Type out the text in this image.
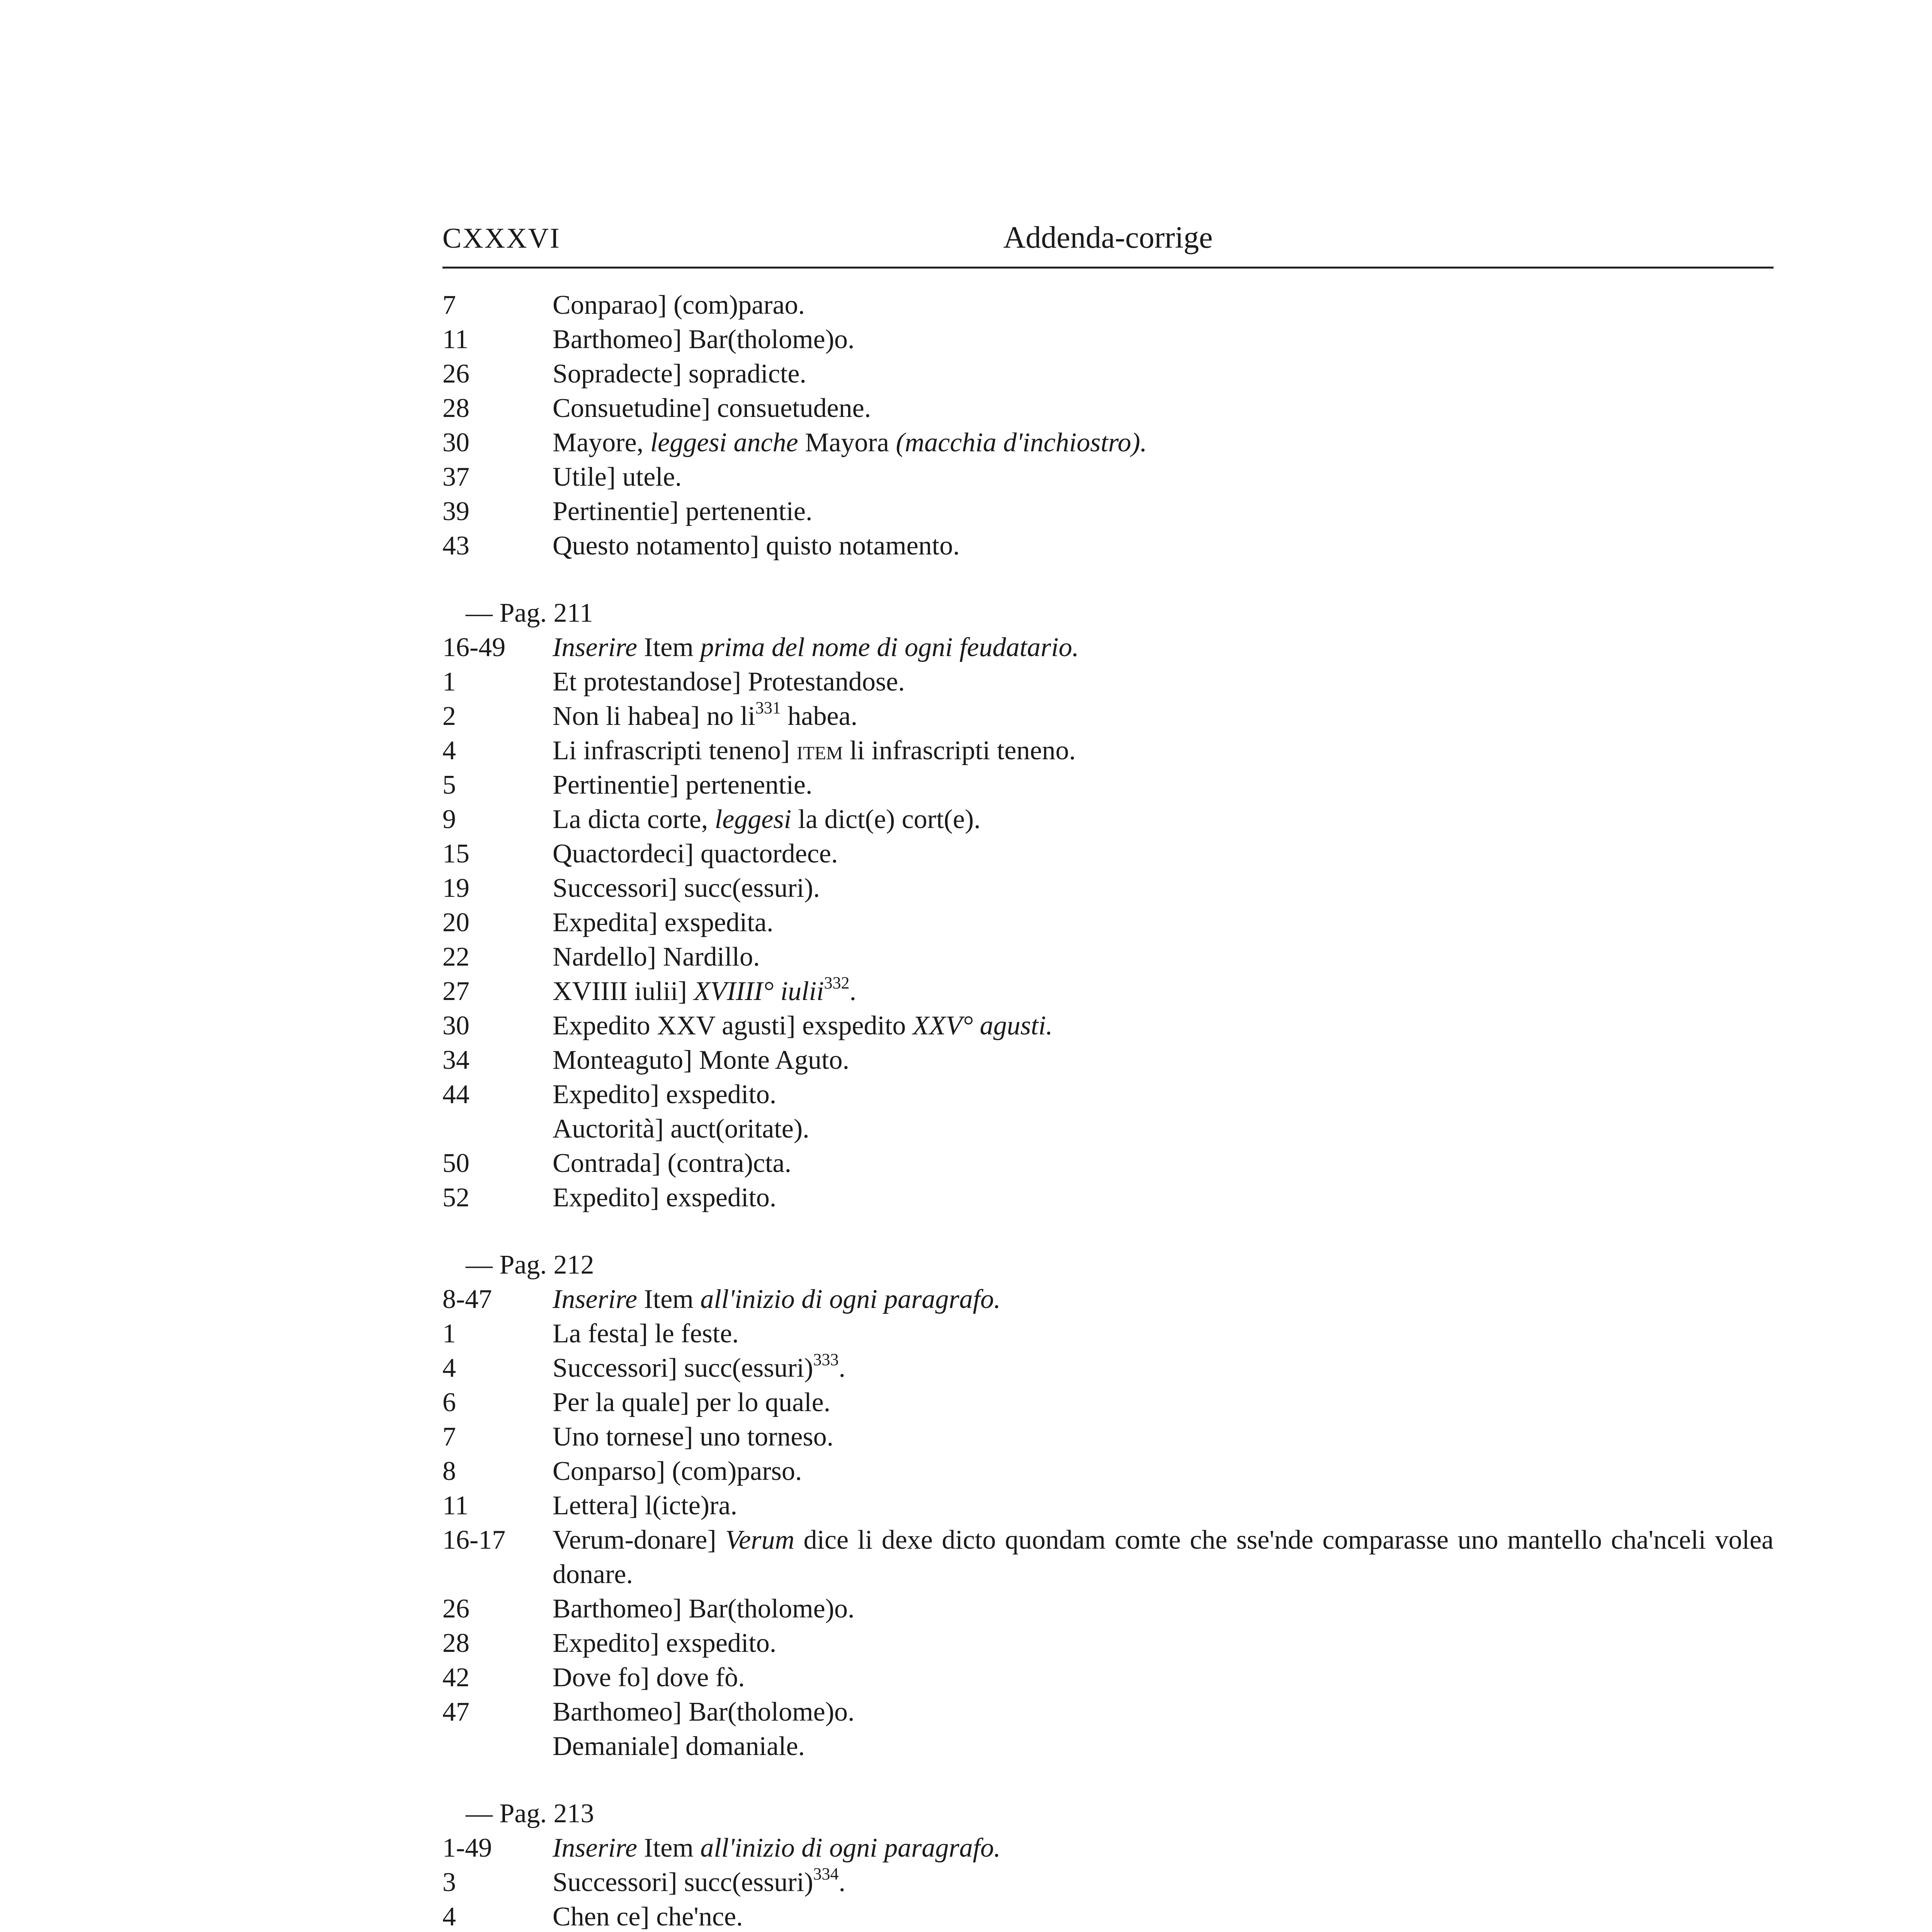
CXXXVI	Addenda-corrige
7	Conparao] (com)parao.
11	Barthomeo] Bar(tholome)o.
26	Sopradecte] sopradicte.
28	Consuetudine] consuetudene.
30	Mayore, leggesi anche Mayora (macchia d'inchiostro).
37	Utile] utele.
39	Pertinentie] pertenentie.
43	Questo notamento] quisto notamento.
— Pag. 211
16-49	Inserire Item prima del nome di ogni feudatario.
1	Et protestandose] Protestandose.
2	Non li habea] no $li^{331}$ habea.
4	Li infrascripti teneno] item li infrascripti teneno.
5	Pertinentie] pertenentie.
9	La dicta corte, leggesi la dict(e) cort(e).
15	Quactordeci] quactordece.
19	Successori] succ(essuri).
20	Expedita] exspedita.
22	Nardello] Nardillo.
27	XVIIII iulii] XVIIII° iulii$^{332}$.
30	Expedito XXV agusti] exspedito XXV° agusti.
34	Monteaguto] Monte Aguto.
44	Expedito] exspedito.
Auctorità] auct(oritate).
50	Contrada] (contra)cta.
52	Expedito] exspedito.
— Pag. 212
8-47	Inserire Item all'inizio di ogni paragrafo.
1	La festa] le feste.
4	Successori] succ(essuri)$^{333}$.
6	Per la quale] per lo quale.
7	Uno tornese] uno torneso.
8	Conparso] (com)parso.
11	Lettera] l(icte)ra.
16-17	Verum-donare] Verum dice li dexe dicto quondam comte che sse'nde comparasse uno mantello cha'nceli volea donare.
26	Barthomeo] Bar(tholome)o.
28	Expedito] exspedito.
42	Dove fo] dove fò.
47	Barthomeo] Bar(tholome)o.
Demaniale] domaniale.
— Pag. 213
1-49	Inserire Item all'inizio di ogni paragrafo.
3	Successori] succ(essuri)$^{334}$.
4	Chen ce] che'nce.
